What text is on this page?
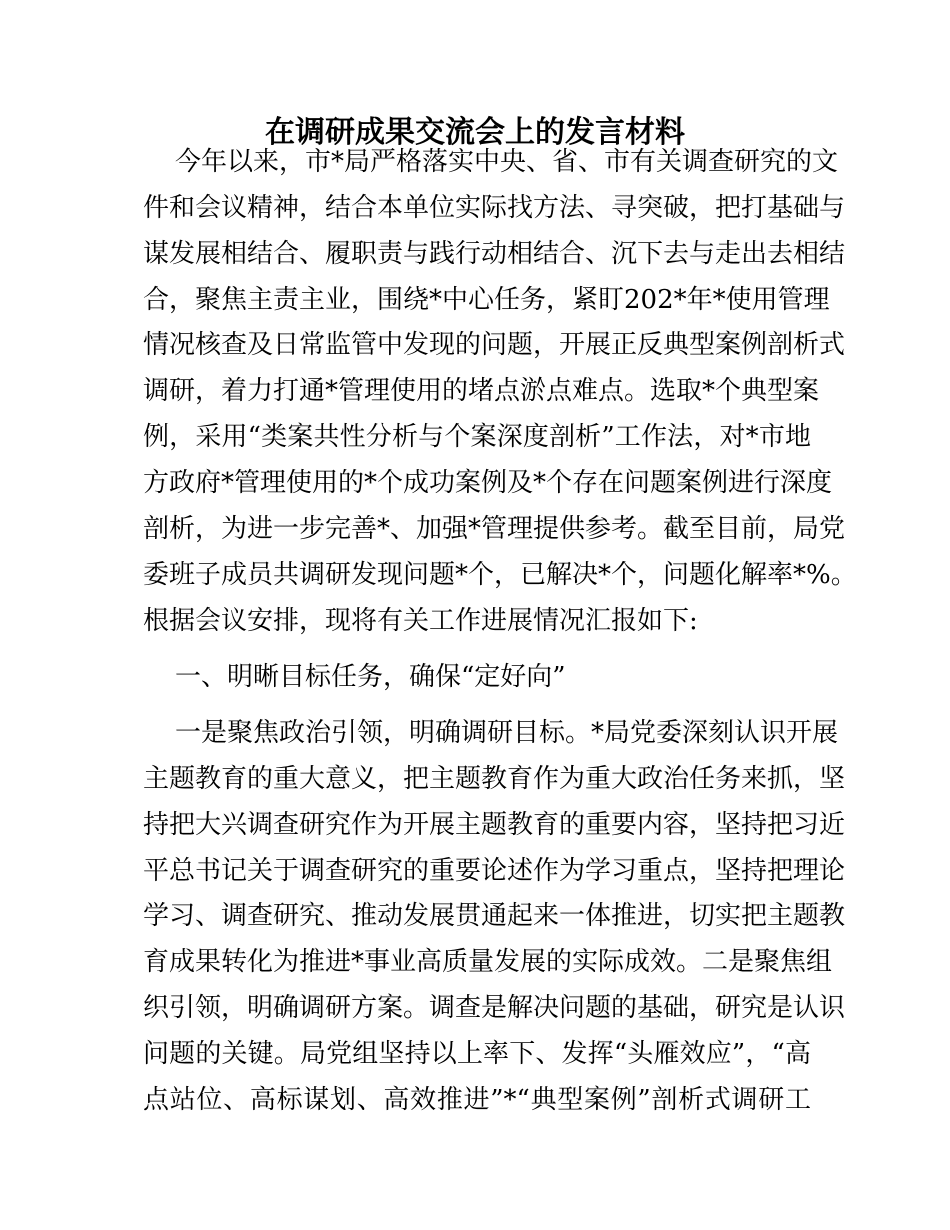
在调研成果交流会上的发言材料
今年以来，市*局严格落实中央、省、市有关调查研究的文
件和会议精神，结合本单位实际找方法、寻突破，把打基础与
谋发展相结合、履职责与践行动相结合、沉下去与走出去相结
合，聚焦主责主业，围绕*中心任务，紧盯202*年*使用管理
情况核查及日常监管中发现的问题，开展正反典型案例剖析式
调研，着力打通*管理使用的堵点淤点难点。选取*个典型案
例，采用“类案共性分析与个案深度剖析”工作法，对*市地
方政府*管理使用的*个成功案例及*个存在问题案例进行深度
剖析，为进一步完善*、加强*管理提供参考。截至目前，局党
委班子成员共调研发现问题*个，已解决*个，问题化解率*%。
根据会议安排，现将有关工作进展情况汇报如下:
一、明晰目标任务，确保“定好向”
一是聚焦政治引领，明确调研目标。*局党委深刻认识开展
主题教育的重大意义，把主题教育作为重大政治任务来抓，坚
持把大兴调查研究作为开展主题教育的重要内容，坚持把习近
平总书记关于调查研究的重要论述作为学习重点，坚持把理论
学习、调查研究、推动发展贯通起来一体推进，切实把主题教
育成果转化为推进*事业高质量发展的实际成效。二是聚焦组
织引领，明确调研方案。调查是解决问题的基础，研究是认识
问题的关键。局党组坚持以上率下、发挥“头雁效应”，“高
点站位、高标谋划、高效推进”*“典型案例”剖析式调研工
